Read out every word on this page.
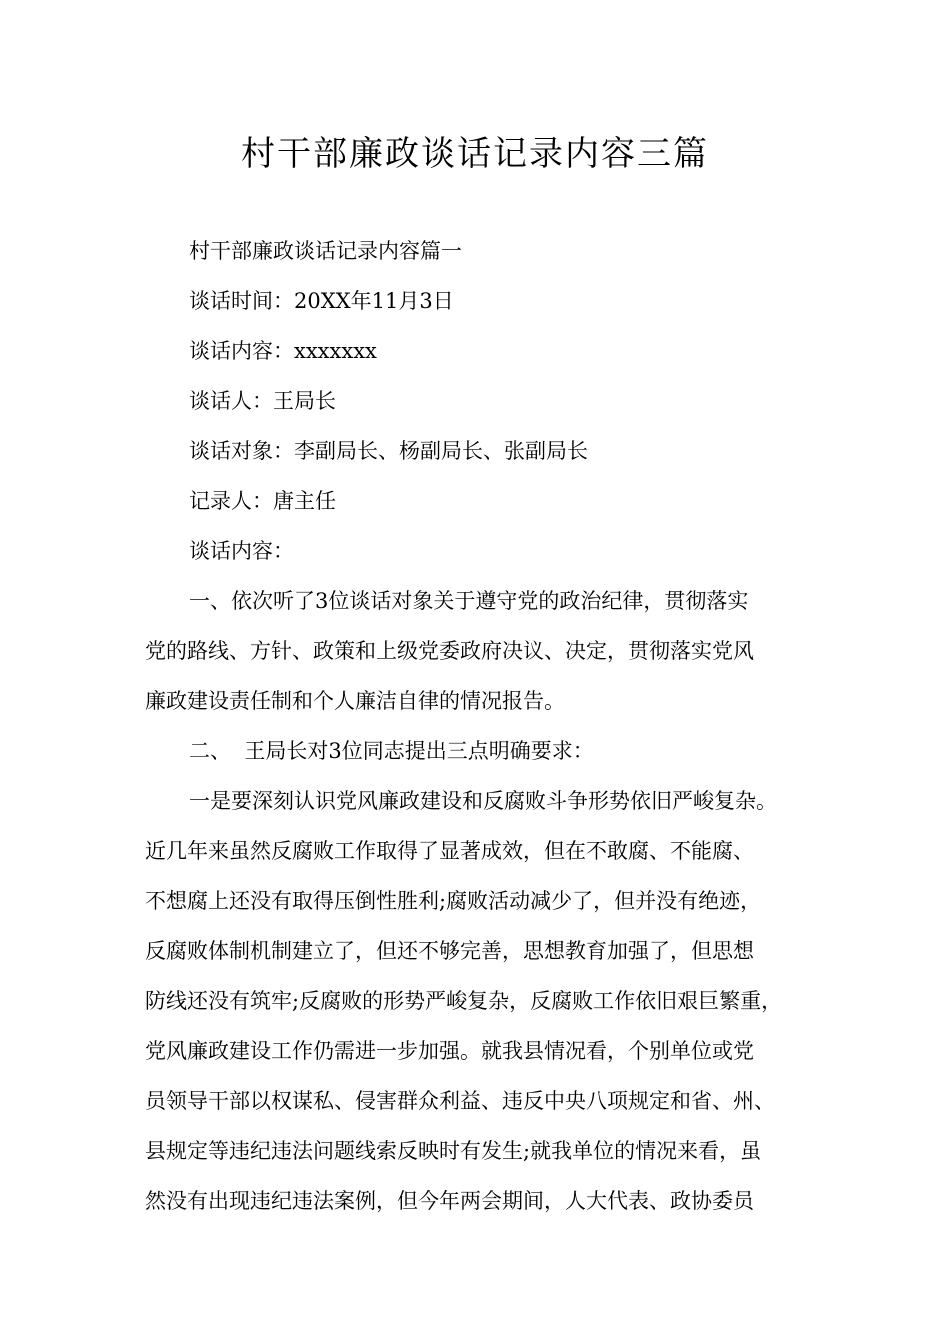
村干部廉政谈话记录内容三篇

村干部廉政谈话记录内容篇一

谈话时间：20XX年11月3日

谈话内容：xxxxxxx

谈话人：王局长

谈话对象：李副局长、杨副局长、张副局长

记录人：唐主任

谈话内容：

一、依次听了3位谈话对象关于遵守党的政治纪律，贯彻落实

党的路线、方针、政策和上级党委政府决议、决定，贯彻落实党风

廉政建设责任制和个人廉洁自律的情况报告。

二、  王局长对3位同志提出三点明确要求：

一是要深刻认识党风廉政建设和反腐败斗争形势依旧严峻复杂。

近几年来虽然反腐败工作取得了显著成效，但在不敢腐、不能腐、

不想腐上还没有取得压倒性胜利;腐败活动减少了，但并没有绝迹，

反腐败体制机制建立了，但还不够完善，思想教育加强了，但思想

防线还没有筑牢;反腐败的形势严峻复杂，反腐败工作依旧艰巨繁重，

党风廉政建设工作仍需进一步加强。就我县情况看，个别单位或党

员领导干部以权谋私、侵害群众利益、违反中央八项规定和省、州、

县规定等违纪违法问题线索反映时有发生;就我单位的情况来看，虽

然没有出现违纪违法案例，但今年两会期间，人大代表、政协委员
